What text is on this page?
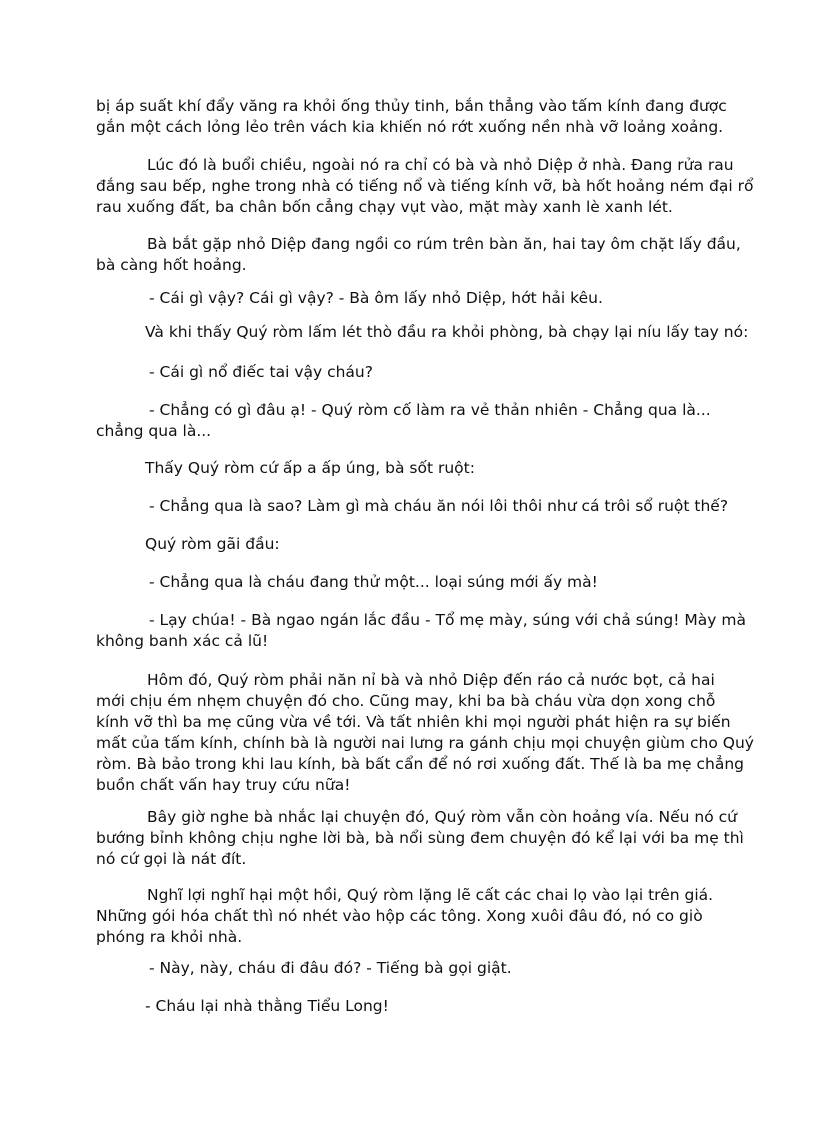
bị áp suất khí đẩy văng ra khỏi ống thủy tinh, bắn thẳng vào tấm kính đang được
gắn một cách lỏng lẻo trên vách kia khiến nó rớt xuống nền nhà vỡ loảng xoảng.
Lúc đó là buổi chiều, ngoài nó ra chỉ có bà và nhỏ Diệp ở nhà. Đang rửa rau
đắng sau bếp, nghe trong nhà có tiếng nổ và tiếng kính vỡ, bà hốt hoảng ném đại rổ
rau xuống đất, ba chân bốn cẳng chạy vụt vào, mặt mày xanh lè xanh lét.
Bà bắt gặp nhỏ Diệp đang ngồi co rúm trên bàn ăn, hai tay ôm chặt lấy đầu,
bà càng hốt hoảng.
- Cái gì vậy? Cái gì vậy? - Bà ôm lấy nhỏ Diệp, hớt hải kêu.
Và khi thấy Quý ròm lấm lét thò đầu ra khỏi phòng, bà chạy lại níu lấy tay nó:
- Cái gì nổ điếc tai vậy cháu?
- Chẳng có gì đâu ạ! - Quý ròm cố làm ra vẻ thản nhiên - Chẳng qua là...
chẳng qua là...
Thấy Quý ròm cứ ấp a ấp úng, bà sốt ruột:
- Chẳng qua là sao? Làm gì mà cháu ăn nói lôi thôi như cá trôi sổ ruột thế?
Quý ròm gãi đầu:
- Chẳng qua là cháu đang thử một... loại súng mới ấy mà!
- Lạy chúa! - Bà ngao ngán lắc đầu - Tổ mẹ mày, súng với chả súng! Mày mà
không banh xác cả lũ!
Hôm đó, Quý ròm phải năn nỉ bà và nhỏ Diệp đến ráo cả nước bọt, cả hai
mới chịu ém nhẹm chuyện đó cho. Cũng may, khi ba bà cháu vừa dọn xong chỗ
kính vỡ thì ba mẹ cũng vừa về tới. Và tất nhiên khi mọi người phát hiện ra sự biến
mất của tấm kính, chính bà là người nai lưng ra gánh chịu mọi chuyện giùm cho Quý
ròm. Bà bảo trong khi lau kính, bà bất cẩn để nó rơi xuống đất. Thế là ba mẹ chẳng
buồn chất vấn hay truy cứu nữa!
Bây giờ nghe bà nhắc lại chuyện đó, Quý ròm vẫn còn hoảng vía. Nếu nó cứ
bướng bỉnh không chịu nghe lời bà, bà nổi sùng đem chuyện đó kể lại với ba mẹ thì
nó cứ gọi là nát đít.
Nghĩ lợi nghĩ hại một hồi, Quý ròm lặng lẽ cất các chai lọ vào lại trên giá.
Những gói hóa chất thì nó nhét vào hộp các tông. Xong xuôi đâu đó, nó co giò
phóng ra khỏi nhà.
- Này, này, cháu đi đâu đó? - Tiếng bà gọi giật.
- Cháu lại nhà thằng Tiểu Long!
